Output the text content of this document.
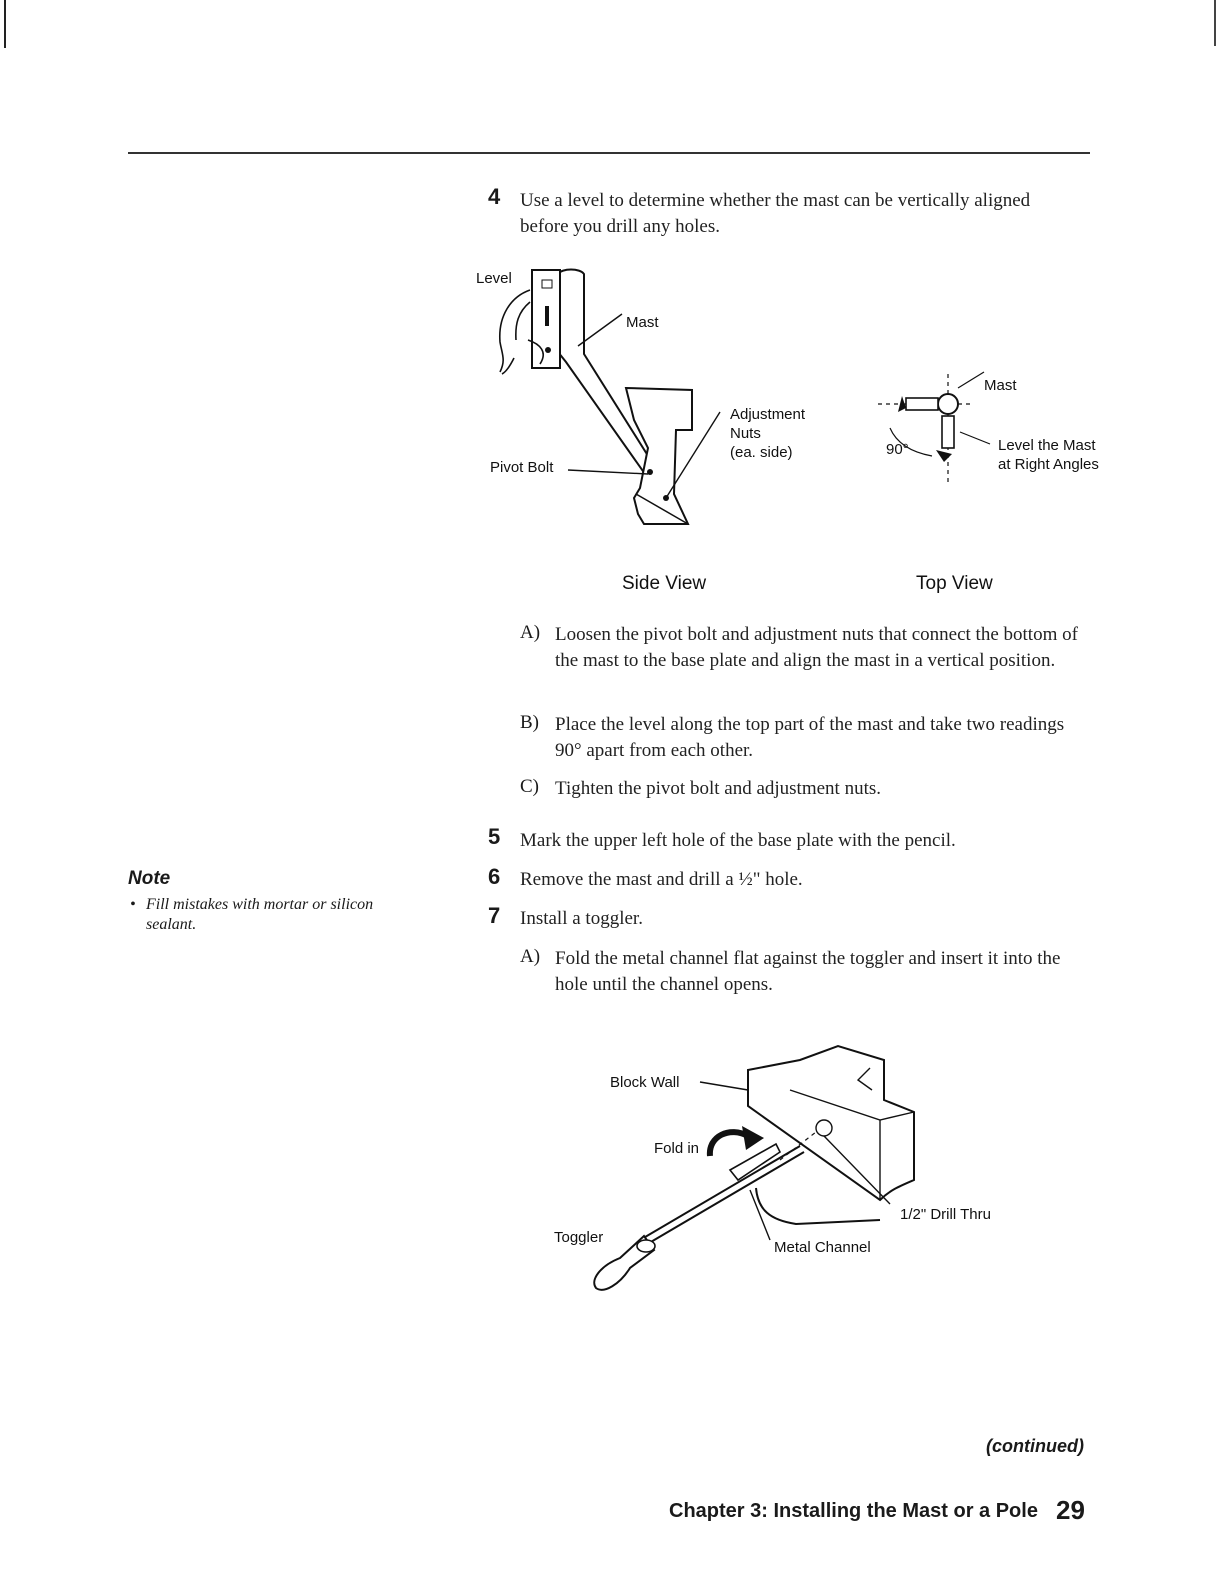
4 Use a level to determine whether the mast can be vertically aligned before you drill any holes.
Level
Mast
Adjustment
Nuts
(ea. side)
Pivot Bolt
Mast
90°	Level the Mast
at Right Angles
Side View	Top View
A) Loosen the pivot bolt and adjustment nuts that connect the bottom of the mast to the base plate and align the mast in a vertical position.
B) Place the level along the top part of the mast and take two readings 90° apart from each other.
C) Tighten the pivot bolt and adjustment nuts.
5 Mark the upper left hole of the base plate with the pencil.
6 Remove the mast and drill a ½" hole.
7 Install a toggler.
A) Fold the metal channel flat against the toggler and insert it into the hole until the channel opens.
Note
• Fill mistakes with mortar or silicon sealant.
Block Wall
Fold in
Toggler
1/2" Drill Thru
Metal Channel
(continued)
Chapter 3: Installing the Mast or a Pole 29
